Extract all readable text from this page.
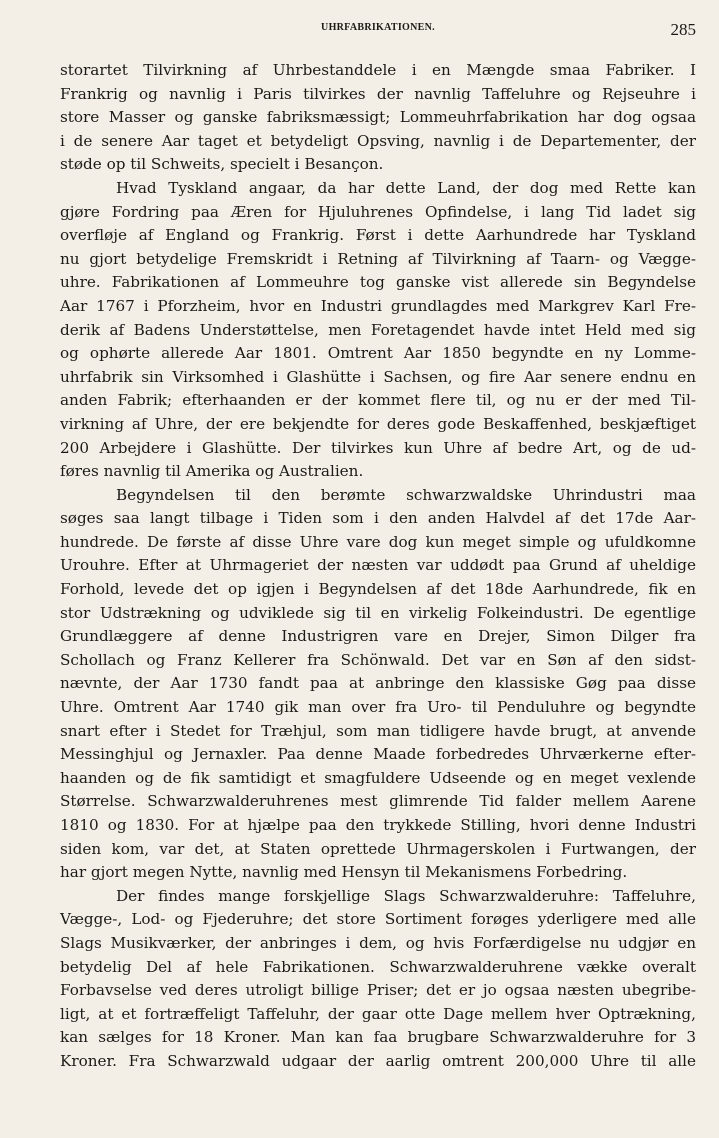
UHRFABRIKATIONEN.	285
storartet Tilvirkning af Uhrbestanddele i en Mængde smaa Fabriker. I
Frankrig og navnlig i Paris tilvirkes der navnlig Taffeluhre og Rejseuhre i
store Masser og ganske fabriksmæssigt; Lommeuhrfabrikation har dog ogsaa
i de senere Aar taget et betydeligt Opsving, navnlig i de Departementer, der
støde op til Schweits, specielt i Besançon.
Hvad Tyskland angaar, da har dette Land, der dog med Rette kan
gjøre Fordring paa Æren for Hjuluhrenes Opfindelse, i lang Tid ladet sig
overfløje af England og Frankrig. Først i dette Aarhundrede har Tyskland
nu gjort betydelige Fremskridt i Retning af Tilvirkning af Taarn- og Vægge-
uhre. Fabrikationen af Lommeuhre tog ganske vist allerede sin Begyndelse
Aar 1767 i Pforzheim, hvor en Industri grundlagdes med Markgrev Karl Fre-
derik af Badens Understøttelse, men Foretagendet havde intet Held med sig
og ophørte allerede Aar 1801. Omtrent Aar 1850 begyndte en ny Lomme-
uhrfabrik sin Virksomhed i Glashütte i Sachsen, og fire Aar senere endnu en
anden Fabrik; efterhaanden er der kommet flere til, og nu er der med Til-
virkning af Uhre, der ere bekjendte for deres gode Beskaffenhed, beskjæftiget
200 Arbejdere i Glashütte. Der tilvirkes kun Uhre af bedre Art, og de ud-
føres navnlig til Amerika og Australien.
Begyndelsen til den berømte schwarzwaldske Uhrindustri maa
søges saa langt tilbage i Tiden som i den anden Halvdel af det 17de Aar-
hundrede. De første af disse Uhre vare dog kun meget simple og ufuldkomne
Urouhre. Efter at Uhrmageriet der næsten var uddødt paa Grund af uheldige
Forhold, levede det op igjen i Begyndelsen af det 18de Aarhundrede, fik en
stor Udstrækning og udviklede sig til en virkelig Folkeindustri. De egentlige
Grundlæggere af denne Industrigren vare en Drejer, Simon Dilger fra
Schollach og Franz Kellerer fra Schönwald. Det var en Søn af den sidst-
nævnte, der Aar 1730 fandt paa at anbringe den klassiske Gøg paa disse
Uhre. Omtrent Aar 1740 gik man over fra Uro- til Penduluhre og begyndte
snart efter i Stedet for Træhjul, som man tidligere havde brugt, at anvende
Messinghjul og Jernaxler. Paa denne Maade forbedredes Uhrværkerne efter-
haanden og de fik samtidigt et smagfuldere Udseende og en meget vexlende
Størrelse. Schwarzwalderuhrenes mest glimrende Tid falder mellem Aarene
1810 og 1830. For at hjælpe paa den trykkede Stilling, hvori denne Industri
siden kom, var det, at Staten oprettede Uhrmagerskolen i Furtwangen, der
har gjort megen Nytte, navnlig med Hensyn til Mekanismens Forbedring.
Der findes mange forskjellige Slags Schwarzwalderuhre: Taffeluhre,
Vægge-, Lod- og Fjederuhre; det store Sortiment forøges yderligere med alle
Slags Musikværker, der anbringes i dem, og hvis Forfærdigelse nu udgjør en
betydelig Del af hele Fabrikationen. Schwarzwalderuhrene vække overalt
Forbavselse ved deres utroligt billige Priser; det er jo ogsaa næsten ubegribe-
ligt, at et fortræffeligt Taffeluhr, der gaar otte Dage mellem hver Optrækning,
kan sælges for 18 Kroner. Man kan faa brugbare Schwarzwalderuhre for 3
Kroner. Fra Schwarzwald udgaar der aarlig omtrent 200,000 Uhre til alle
